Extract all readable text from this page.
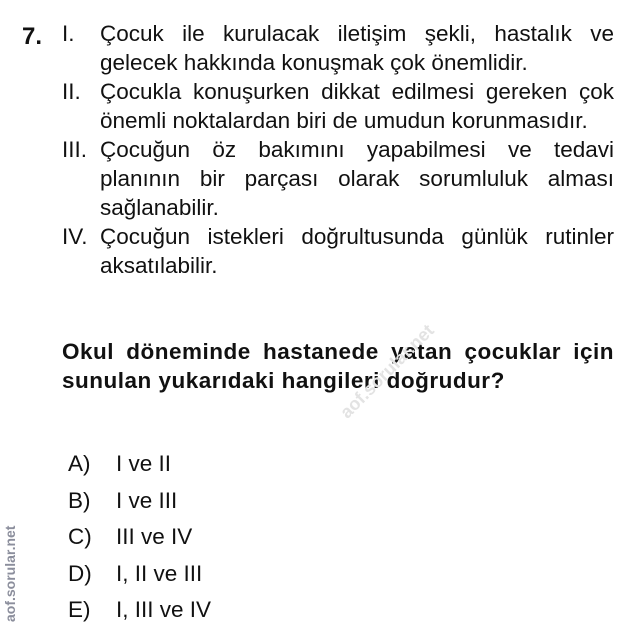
7. I. Çocuk ile kurulacak iletişim şekli, hastalık ve gelecek hakkında konuşmak çok önemlidir.
II. Çocukla konuşurken dikkat edilmesi gereken çok önemli noktalardan biri de umudun korunmasıdır.
III. Çocuğun öz bakımını yapabilmesi ve tedavi planının bir parçası olarak sorumluluk alması sağlanabilir.
IV. Çocuğun istekleri doğrultusunda günlük rutinler aksatılabilir.
Okul döneminde hastanede yatan çocuklar için sunulan yukarıdaki hangileri doğrudur?
A)	I ve II
B)	I ve III
C)	III ve IV
D)	I, II ve III
E)	I, III ve IV
aof.sorular.net
aof.sorular.net
